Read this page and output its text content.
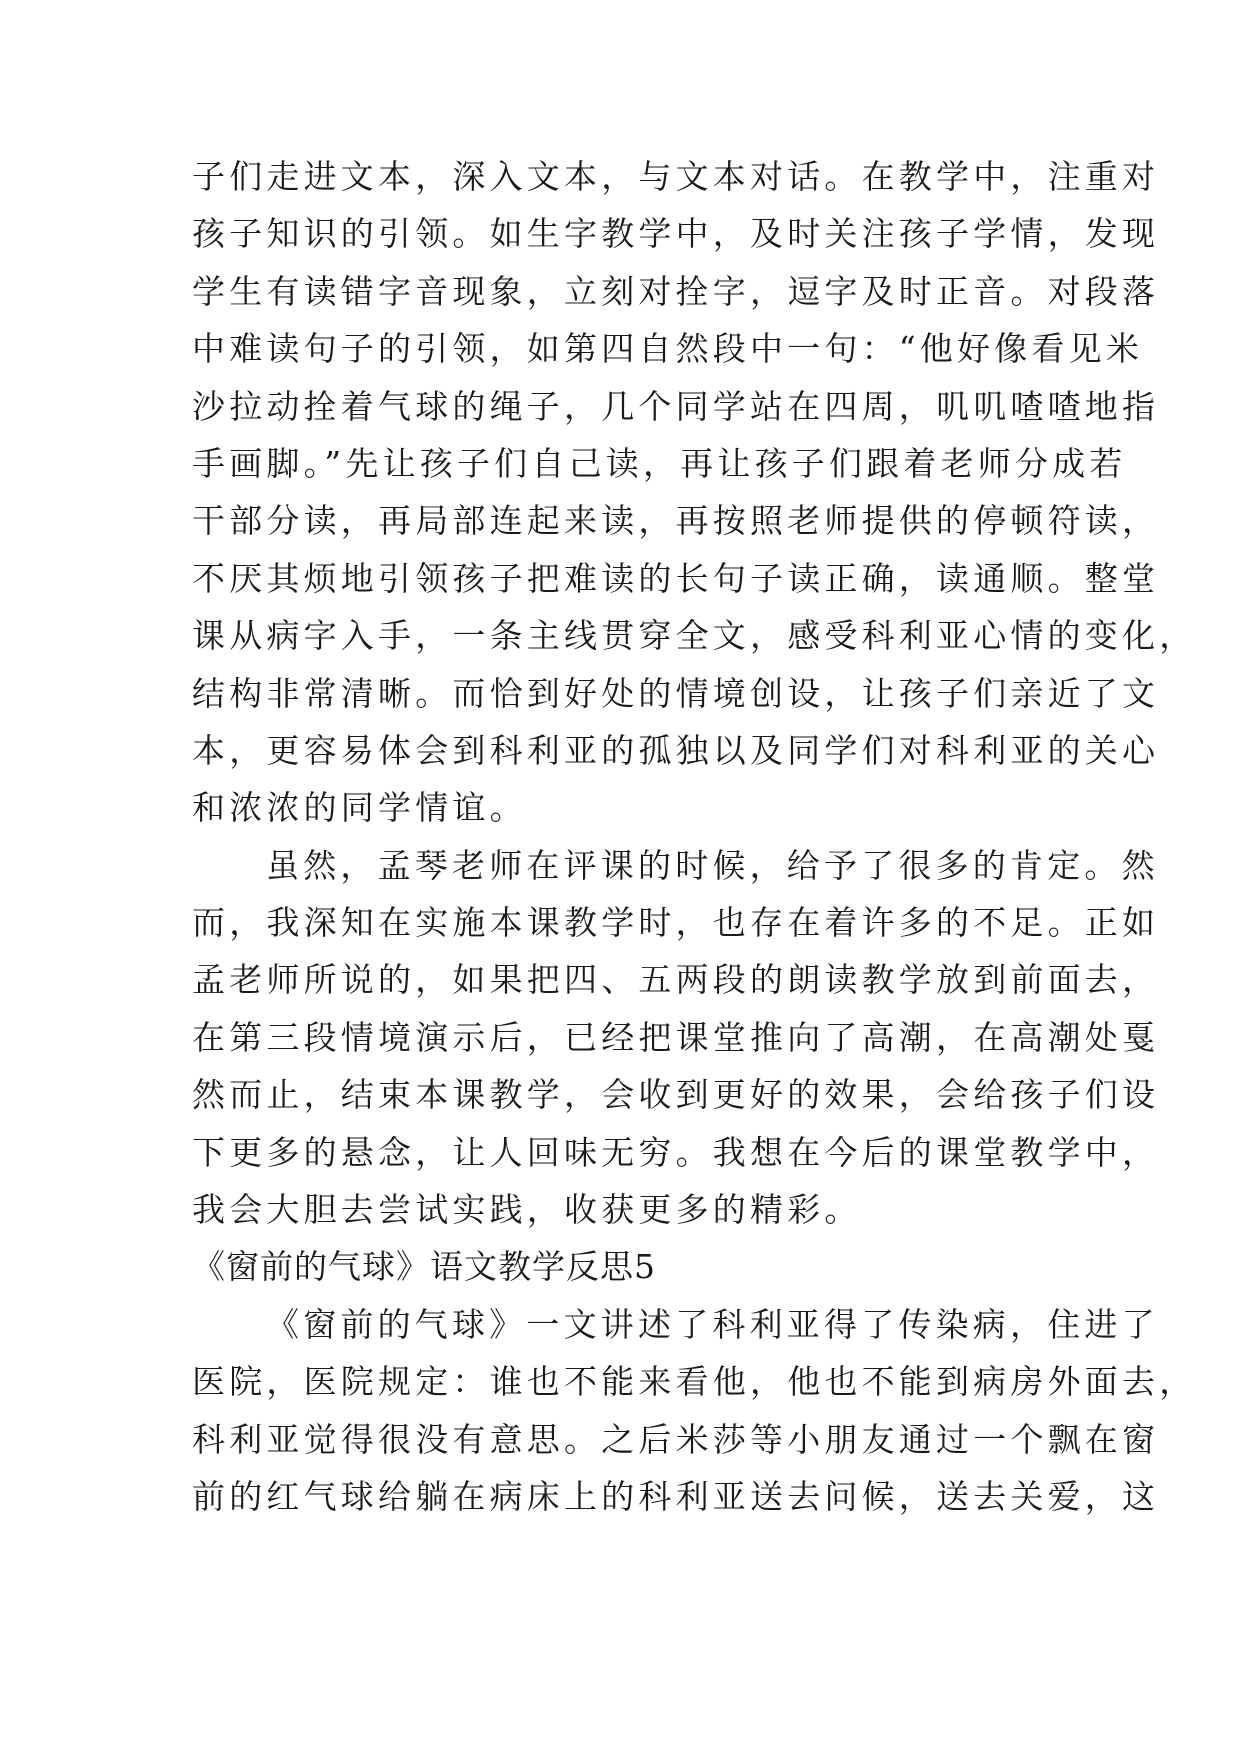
子们走进文本，深入文本，与文本对话。在教学中，注重对
孩子知识的引领。如生字教学中，及时关注孩子学情，发现
学生有读错字音现象，立刻对拴字，逗字及时正音。对段落
中难读句子的引领，如第四自然段中一句：“他好像看见米
沙拉动拴着气球的绳子，几个同学站在四周，叽叽喳喳地指
手画脚。”先让孩子们自己读，再让孩子们跟着老师分成若
干部分读，再局部连起来读，再按照老师提供的停顿符读，
不厌其烦地引领孩子把难读的长句子读正确，读通顺。整堂
课从病字入手，一条主线贯穿全文，感受科利亚心情的变化，
结构非常清晰。而恰到好处的情境创设，让孩子们亲近了文
本，更容易体会到科利亚的孤独以及同学们对科利亚的关心
和浓浓的同学情谊。
虽然，孟琴老师在评课的时候，给予了很多的肯定。然
而，我深知在实施本课教学时，也存在着许多的不足。正如
孟老师所说的，如果把四、五两段的朗读教学放到前面去，
在第三段情境演示后，已经把课堂推向了高潮，在高潮处戛
然而止，结束本课教学，会收到更好的效果，会给孩子们设
下更多的悬念，让人回味无穷。我想在今后的课堂教学中，
我会大胆去尝试实践，收获更多的精彩。
《窗前的气球》语文教学反思5
《窗前的气球》一文讲述了科利亚得了传染病，住进了
医院，医院规定：谁也不能来看他，他也不能到病房外面去，
科利亚觉得很没有意思。之后米莎等小朋友通过一个飘在窗
前的红气球给躺在病床上的科利亚送去问候，送去关爱，这
